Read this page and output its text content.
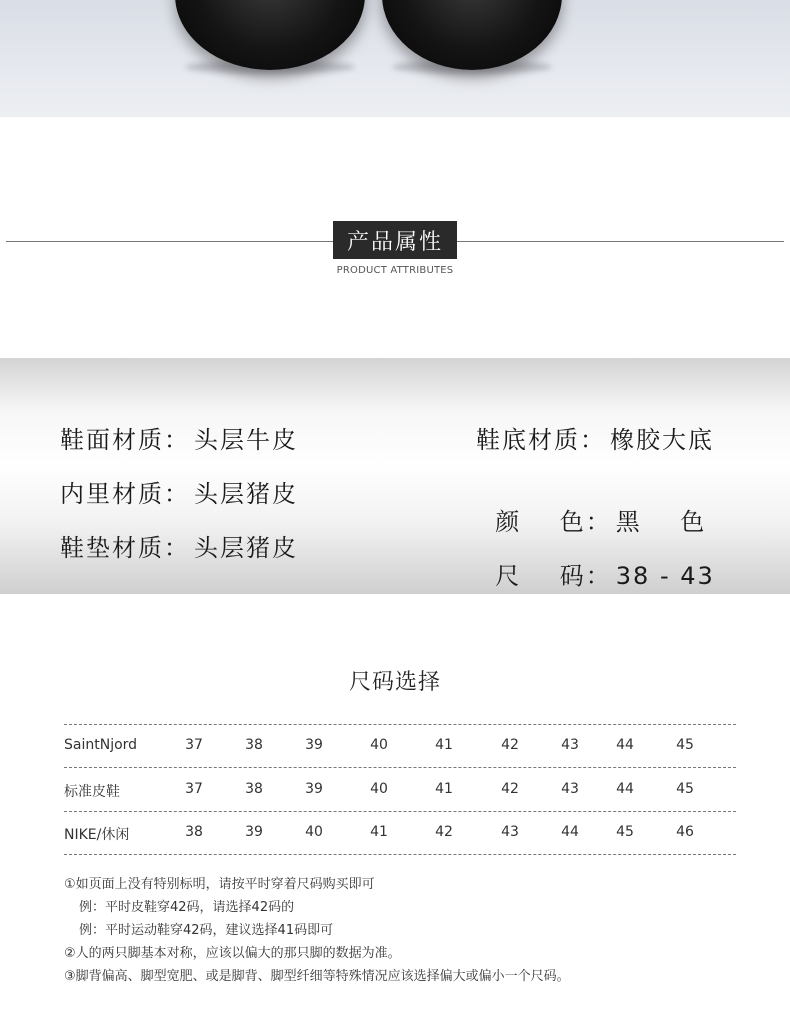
产品属性
PRODUCT ATTRIBUTES
鞋面材质： 头层牛皮	鞋底材质： 橡胶大底
内里材质： 头层猪皮

颜    色： 黑    色

鞋垫材质： 头层猪皮

尺    码： 38 - 43

尺码选择
SaintNjord	37	38	39	40	41	42	43	44	45
标准皮鞋	37	38	39	40	41	42	43	44	45
NIKE/休闲	38	39	40	41	42	43	44	45	46
①如页面上没有特别标明，请按平时穿着尺码购买即可
例：平时皮鞋穿42码，请选择42码的
例：平时运动鞋穿42码，建议选择41码即可
②人的两只脚基本对称，应该以偏大的那只脚的数据为准。
③脚背偏高、脚型宽肥、或是脚背、脚型纤细等特殊情况应该选择偏大或偏小一个尺码。
